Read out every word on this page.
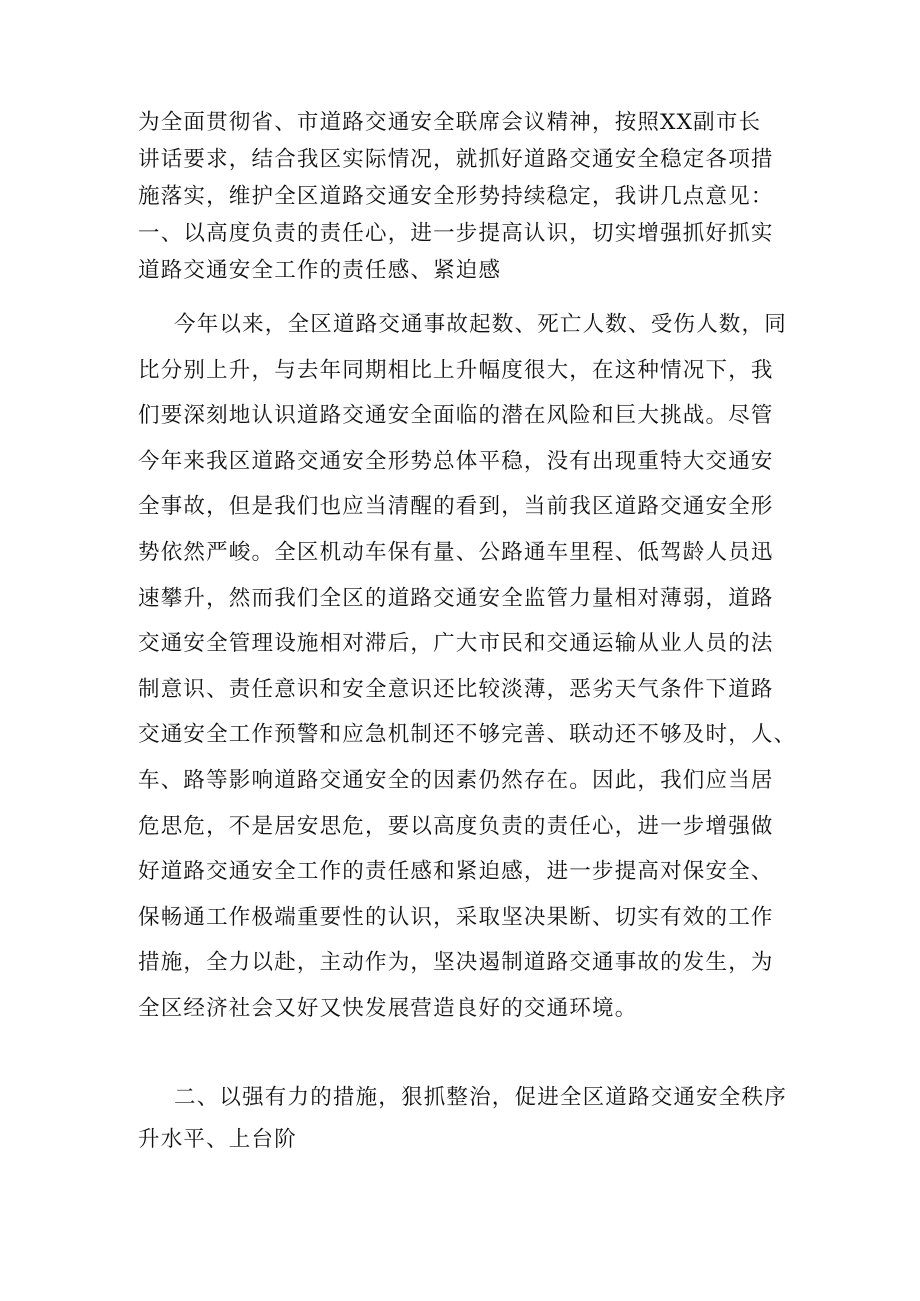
为全面贯彻省、市道路交通安全联席会议精神，按照XX副市长
讲话要求，结合我区实际情况，就抓好道路交通安全稳定各项措
施落实，维护全区道路交通安全形势持续稳定，我讲几点意见：
一、以高度负责的责任心，进一步提高认识，切实增强抓好抓实
道路交通安全工作的责任感、紧迫感
今年以来，全区道路交通事故起数、死亡人数、受伤人数，同
比分别上升，与去年同期相比上升幅度很大，在这种情况下，我
们要深刻地认识道路交通安全面临的潜在风险和巨大挑战。尽管
今年来我区道路交通安全形势总体平稳，没有出现重特大交通安
全事故，但是我们也应当清醒的看到，当前我区道路交通安全形
势依然严峻。全区机动车保有量、公路通车里程、低驾龄人员迅
速攀升，然而我们全区的道路交通安全监管力量相对薄弱，道路
交通安全管理设施相对滞后，广大市民和交通运输从业人员的法
制意识、责任意识和安全意识还比较淡薄，恶劣天气条件下道路
交通安全工作预警和应急机制还不够完善、联动还不够及时，人、
车、路等影响道路交通安全的因素仍然存在。因此，我们应当居
危思危，不是居安思危，要以高度负责的责任心，进一步增强做
好道路交通安全工作的责任感和紧迫感，进一步提高对保安全、
保畅通工作极端重要性的认识，采取坚决果断、切实有效的工作
措施，全力以赴，主动作为，坚决遏制道路交通事故的发生，为
全区经济社会又好又快发展营造良好的交通环境。
二、以强有力的措施，狠抓整治，促进全区道路交通安全秩序
升水平、上台阶
